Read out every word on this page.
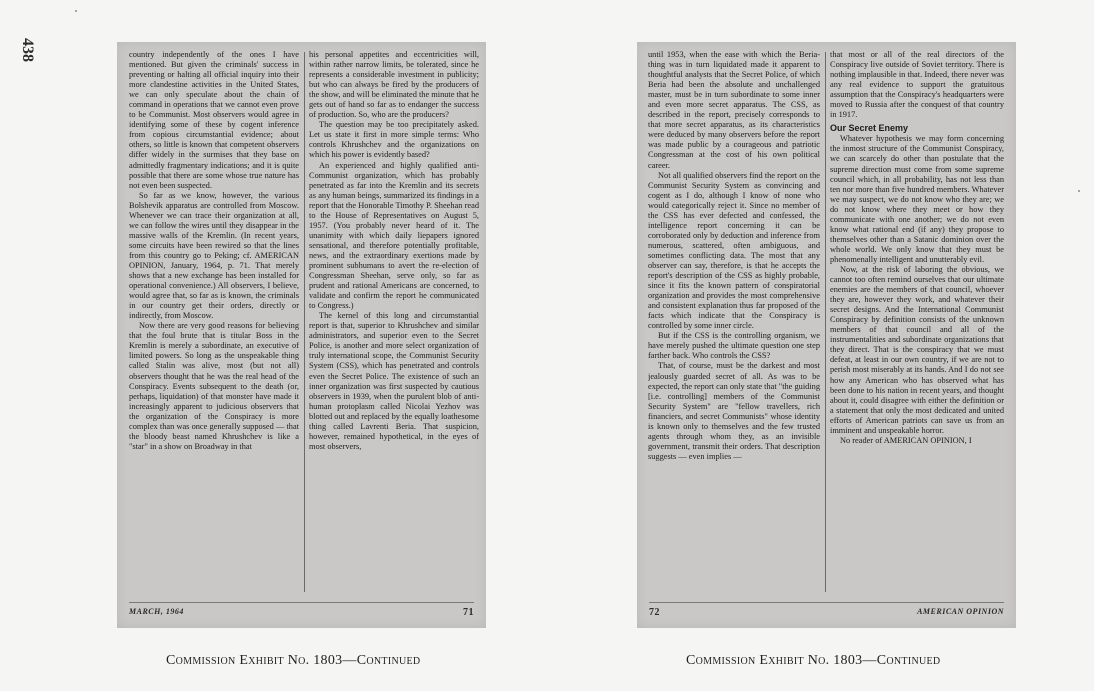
438	country independently of the ones I have mentioned. But given the criminals' success in preventing or halting all official inquiry into their more clandestine activities in the United States, we can only speculate about the chain of command in operations that we cannot even prove to be Communist. Most observers would agree in identifying some of these by cogent inference from copious circumstantial evidence; about others, so little is known that competent observers differ widely in the surmises that they base on admittedly fragmentary indications; and it is quite possible that there are some whose true nature has not even been suspected.

So far as we know, however, the various Bolshevik apparatus are controlled from Moscow. Whenever we can trace their organization at all, we can follow the wires until they disappear in the massive walls of the Kremlin. (In recent years, some circuits have been rewired so that the lines from this country go to Peking; cf. AMERICAN OPINION, January, 1964, p. 71. That merely shows that a new exchange has been installed for operational convenience.) All observers, I believe, would agree that, so far as is known, the criminals in our country get their orders, directly or indirectly, from Moscow.

Now there are very good reasons for believing that the foul brute that is titular Boss in the Kremlin is merely a subordinate, an executive of limited powers. So long as the unspeakable thing called Stalin was alive, most (but not all) observers thought that he was the real head of the Conspiracy. Events subsequent to the death (or, perhaps, liquidation) of that monster have made it increasingly apparent to judicious observers that the organization of the Conspiracy is more complex than was once generally supposed — that the bloody beast named Khrushchev is like a "star" in a show on Broadway in that

his personal appetites and eccentricities will, within rather narrow limits, be tolerated, since he represents a considerable investment in publicity; but who can always be fired by the producers of the show, and will be eliminated the minute that he gets out of hand so far as to endanger the success of production. So, who are the producers?

The question may be too precipitately asked. Let us state it first in more simple terms: Who controls Khrushchev and the organizations on which his power is evidently based?

An experienced and highly qualified anti-Communist organization, which has probably penetrated as far into the Kremlin and its secrets as any human beings, summarized its findings in a report that the Honorable Timothy P. Sheehan read to the House of Representatives on August 5, 1957. (You probably never heard of it. The unanimity with which daily liepapers ignored sensational, and therefore potentially profitable, news, and the extraordinary exertions made by prominent subhumans to avert the re-election of Congressman Sheehan, serve only, so far as prudent and rational Americans are concerned, to validate and confirm the report he communicated to Congress.)

The kernel of this long and circumstantial report is that, superior to Khrushchev and similar administrators, and superior even to the Secret Police, is another and more select organization of truly international scope, the Communist Security System (CSS), which has penetrated and controls even the Secret Police. The existence of such an inner organization was first suspected by cautious observers in 1939, when the purulent blob of anti-human protoplasm called Nicolai Yezhov was blotted out and replaced by the equally loathesome thing called Lavrenti Beria. That suspicion, however, remained hypothetical, in the eyes of most observers,

MARCH, 1964	71

until 1953, when the ease with which the Beria-thing was in turn liquidated made it apparent to thoughtful analysts that the Secret Police, of which Beria had been the absolute and unchallenged master, must be in turn subordinate to some inner and even more secret apparatus. The CSS, as described in the report, precisely corresponds to that more secret apparatus, as its characteristics were deduced by many observers before the report was made public by a courageous and patriotic Congressman at the cost of his own political career.

Not all qualified observers find the report on the Communist Security System as convincing and cogent as I do, although I know of none who would categorically reject it. Since no member of the CSS has ever defected and confessed, the intelligence report concerning it can be corroborated only by deduction and inference from numerous, scattered, often ambiguous, and sometimes conflicting data. The most that any observer can say, therefore, is that he accepts the report's description of the CSS as highly probable, since it fits the known pattern of conspiratorial organization and provides the most comprehensive and consistent explanation thus far proposed of the facts which indicate that the Conspiracy is controlled by some inner circle.

But if the CSS is the controlling organism, we have merely pushed the ultimate question one step farther back. Who controls the CSS?

That, of course, must be the darkest and most jealously guarded secret of all. As was to be expected, the report can only state that "the guiding [i.e. controlling] members of the Communist Security System" are "fellow travellers, rich financiers, and secret Communists" whose identity is known only to themselves and the few trusted agents through whom they, as an invisible government, transmit their orders. That description suggests — even implies —

that most or all of the real directors of the Conspiracy live outside of Soviet territory. There is nothing implausible in that. Indeed, there never was any real evidence to support the gratuitous assumption that the Conspiracy's headquarters were moved to Russia after the conquest of that country in 1917.

Our Secret Enemy

Whatever hypothesis we may form concerning the inmost structure of the Communist Conspiracy, we can scarcely do other than postulate that the supreme direction must come from some supreme council which, in all probability, has not less than ten nor more than five hundred members. Whatever we may suspect, we do not know who they are; we do not know where they meet or how they communicate with one another; we do not even know what rational end (if any) they propose to themselves other than a Satanic dominion over the whole world. We only know that they must be phenomenally intelligent and unutterably evil.

Now, at the risk of laboring the obvious, we cannot too often remind ourselves that our ultimate enemies are the members of that council, whoever they are, however they work, and whatever their secret designs. And the International Communist Conspiracy by definition consists of the unknown members of that council and all of the instrumentalities and subordinate organizations that they direct. That is the conspiracy that we must defeat, at least in our own country, if we are not to perish most miserably at its hands. And I do not see how any American who has observed what has been done to his nation in recent years, and thought about it, could disagree with either the definition or a statement that only the most dedicated and united efforts of American patriots can save us from an imminent and unspeakable horror.

No reader of AMERICAN OPINION, I

72	AMERICAN OPINION
Commission Exhibit No. 1803—Continued	Commission Exhibit No. 1803—Continued
